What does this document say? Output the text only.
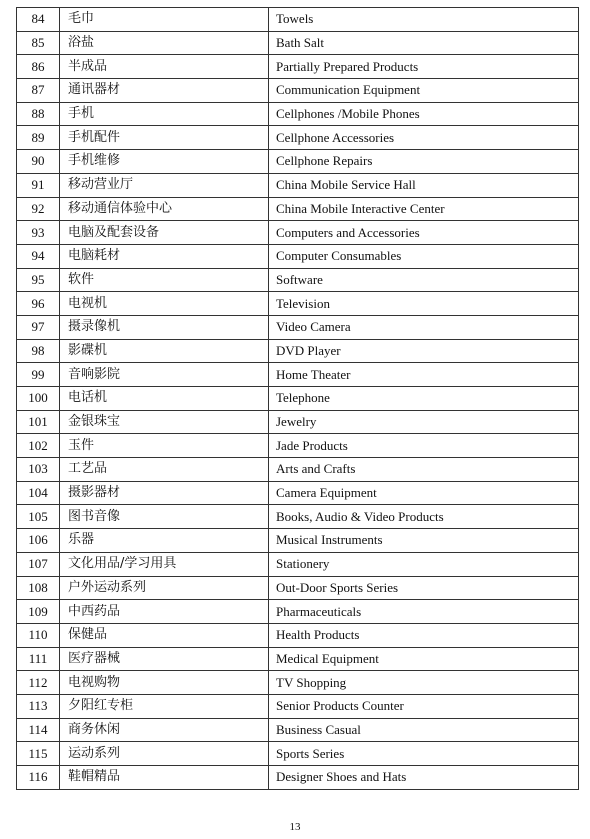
84	毛巾	Towels
85	浴盐	Bath Salt
86	半成品	Partially Prepared Products
87	通讯器材	Communication Equipment
88	手机	Cellphones /Mobile Phones
89	手机配件	Cellphone Accessories
90	手机维修	Cellphone Repairs
91	移动营业厅	China Mobile Service Hall
92	移动通信体验中心	China Mobile Interactive Center
93	电脑及配套设备	Computers and Accessories
94	电脑耗材	Computer Consumables
95	软件	Software
96	电视机	Television
97	摄录像机	Video Camera
98	影碟机	DVD Player
99	音响影院	Home Theater
100	电话机	Telephone
101	金银珠宝	Jewelry
102	玉件	Jade Products
103	工艺品	Arts and Crafts
104	摄影器材	Camera Equipment
105	图书音像	Books, Audio & Video Products
106	乐器	Musical Instruments
107	文化用品/学习用具	Stationery
108	户外运动系列	Out-Door Sports Series
109	中西药品	Pharmaceuticals
110	保健品	Health Products
111	医疗器械	Medical Equipment
112	电视购物	TV Shopping
113	夕阳红专柜	Senior Products Counter
114	商务休闲	Business Casual
115	运动系列	Sports Series
116	鞋帽精品	Designer Shoes and Hats
13
